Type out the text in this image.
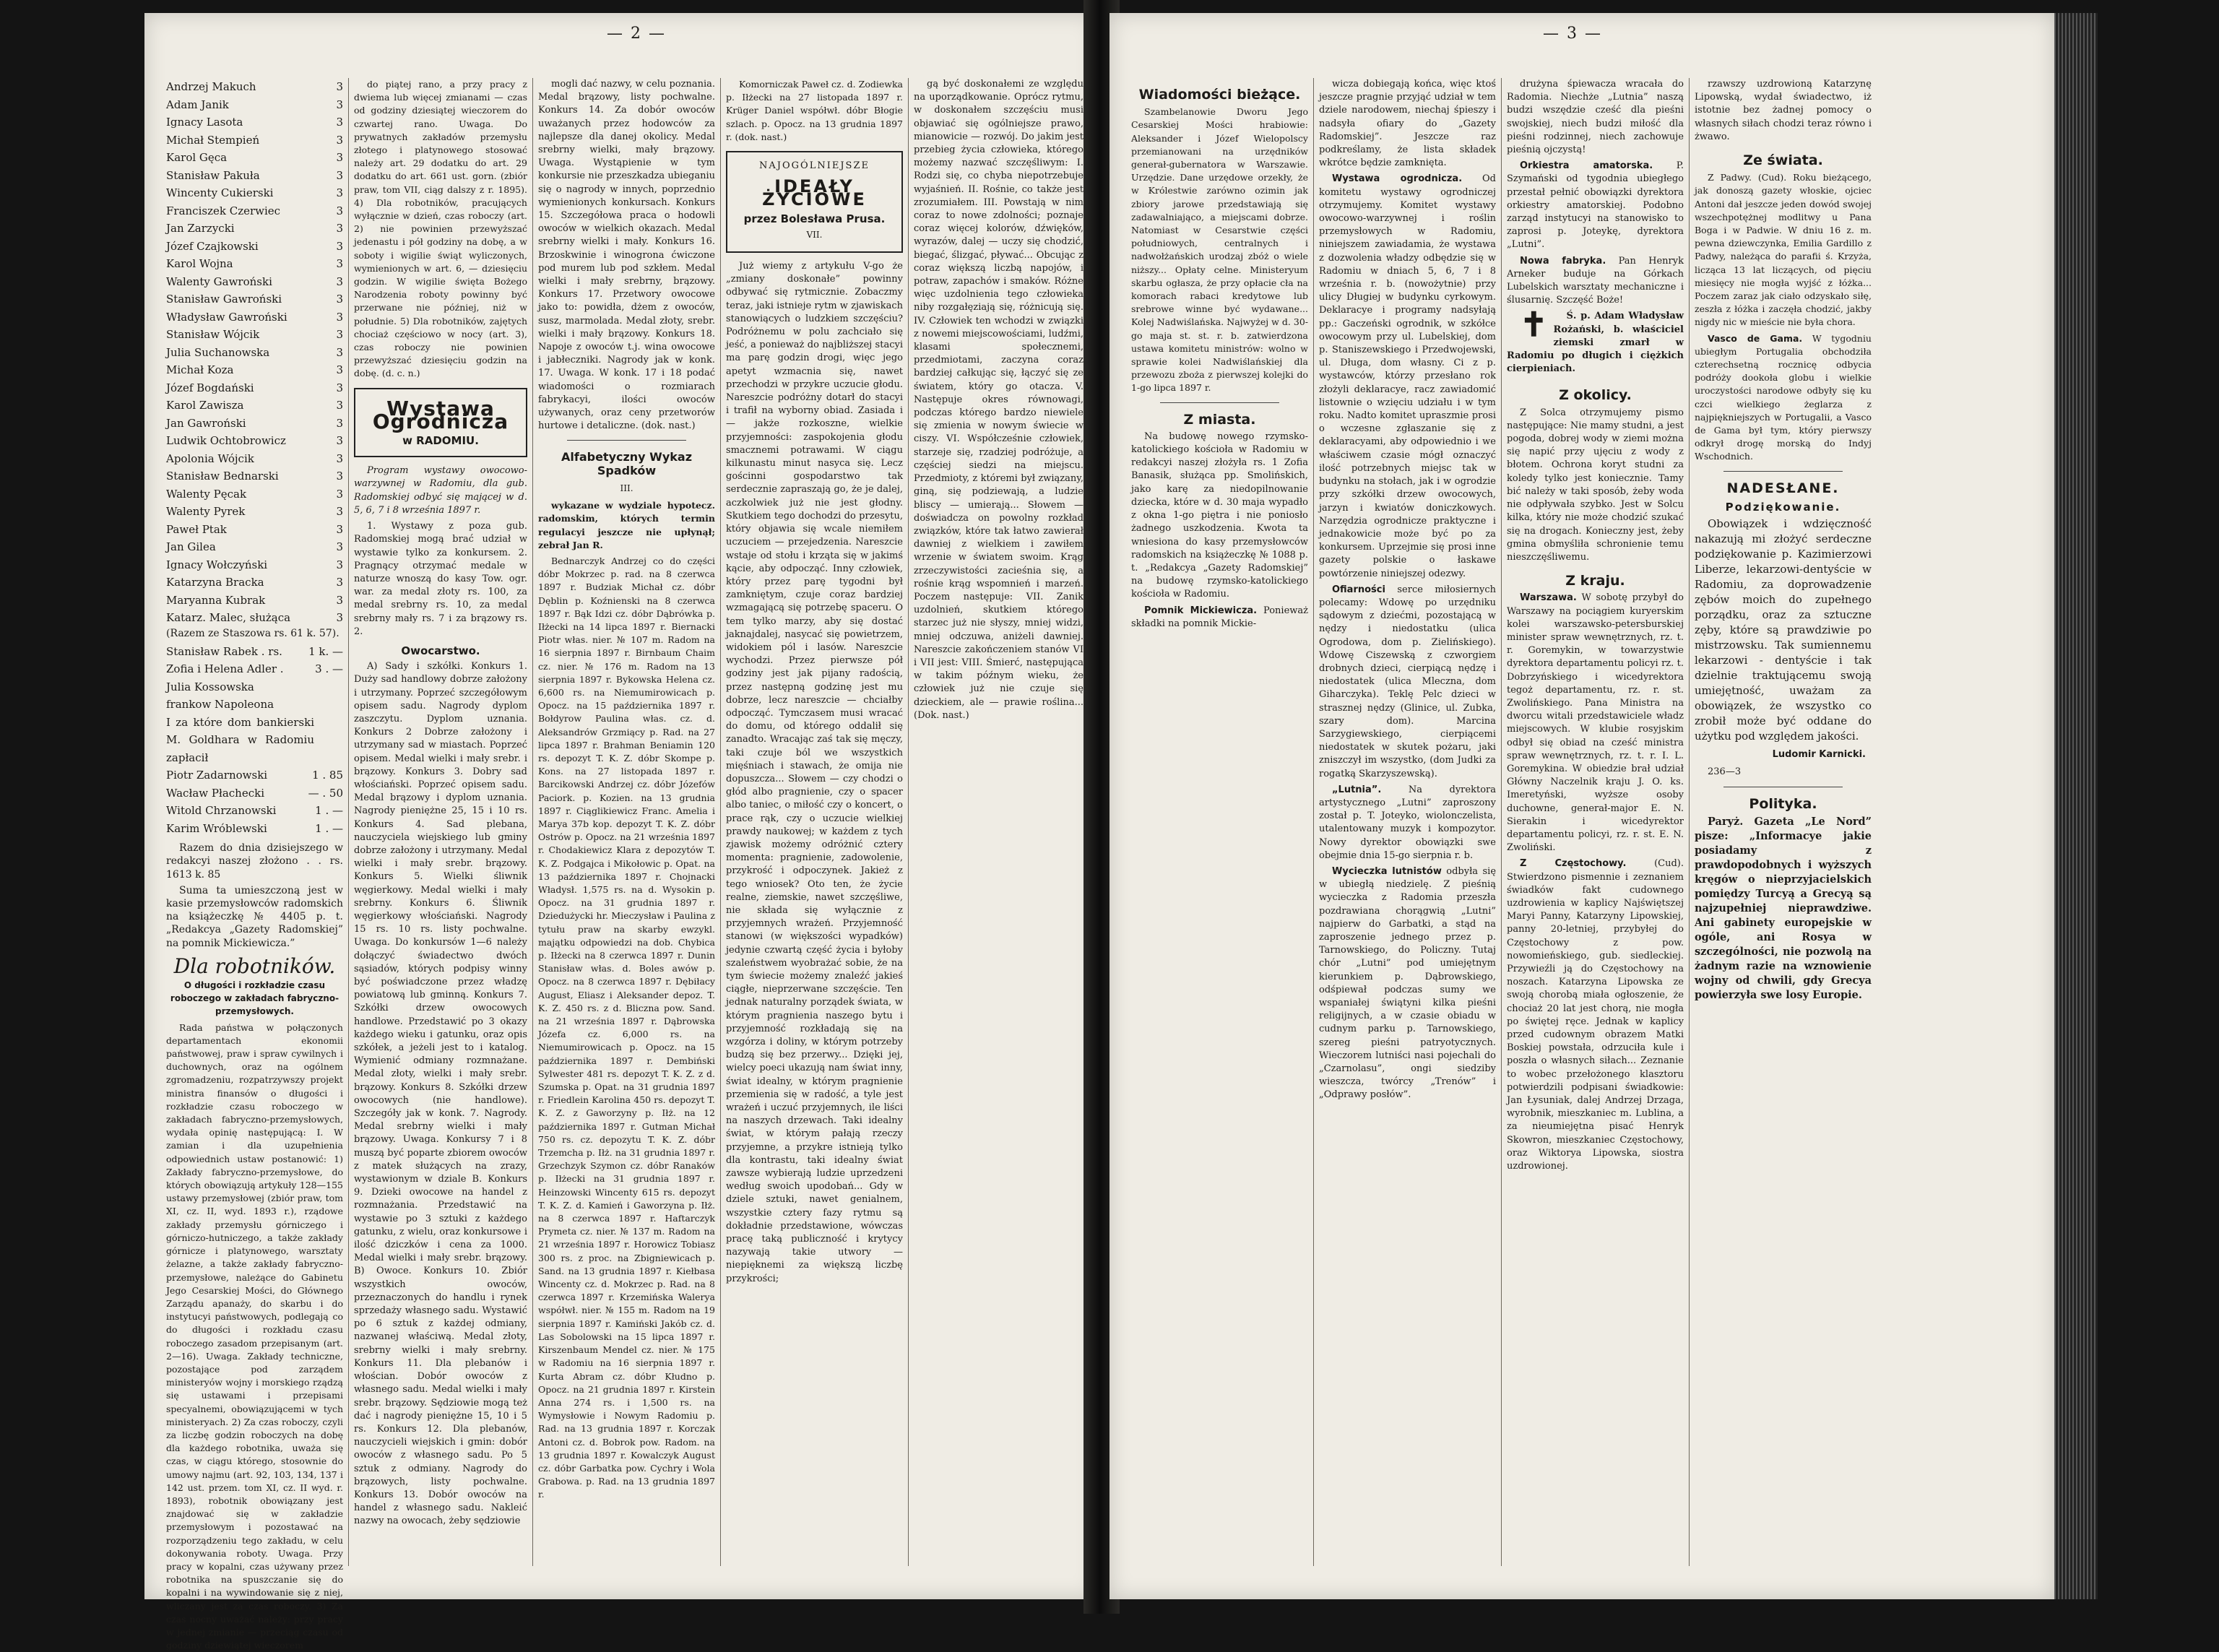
— 2 —
Andrzej Makuch	3
Adam Janik	3
Ignacy Lasota	3
Michał Stempień	3
Karol Gęca	3
Stanisław Pakuła	3
Wincenty Cukierski	3
Franciszek Czerwiec	3
Jan Zarzycki	3
Józef Czajkowski	3
Karol Wojna	3
Walenty Gawroński	3
Stanisław Gawroński	3
Władysław Gawroński	3
Stanisław Wójcik	3
Julia Suchanowska	3
Michał Koza	3
Józef Bogdański	3
Karol Zawisza	3
Jan Gawroński	3
Ludwik Ochtobrowicz	3
Apolonia Wójcik	3
Stanisław Bednarski	3
Walenty Pęcak	3
Walenty Pyrek	3
Paweł Ptak	3
Jan Gilea	3
Ignacy Wołczyński	3
Katarzyna Bracka	3
Maryanna Kubrak	3
Katarz. Malec, służąca	3
(Razem ze Staszowa rs. 61 k. 57).
Stanisław Rabek . rs. 1 k. —
Zofia i Helena Adler .	3 . —
Julia Kossowska
frankow Napoleona
I za które dom bankierski M. Goldhara w Radomiu zapłacił
Piotr Zadarnowski	1 . 85
Wacław Płachecki	— . 50
Witold Chrzanowski	1 . —
Karim Wróblewski	1 . —
Razem do dnia dzisiejszego w redakcyi naszej złożono . . rs. 1613 k. 85
Suma ta umieszczoną jest w kasie przemysłowców radomskich na książeczkę № 4405 p. t. „Redakcya „Gazety Radomskiej” na pomnik Mickiewicza.”
Dla robotników.
O długości i rozkładzie czasu roboczego w zakładach fabryczno-przemysłowych.
Rada państwa w połączonych departamentach ekonomii państwowej, praw i spraw cywilnych i duchownych, oraz na ogólnem zgromadzeniu, rozpatrzywszy projekt ministra finansów o długości i rozkładzie czasu roboczego w zakładach fabryczno-przemysłowych, wydała opinię następującą: I. W zamian i dla uzupełnienia odpowiednich ustaw postanowić: 1) Zakłady fabryczno-przemysłowe, do których obowiązują artykuły 128—155 ustawy przemysłowej (zbiór praw, tom XI, cz. II, wyd. 1893 r.), rządowe zakłady przemysłu górniczego i górniczo-hutniczego, a także zakłady górnicze i platynowego, warsztaty żelazne, a także zakłady fabryczno-przemysłowe, należące do Gabinetu Jego Cesarskiej Mości, do Głównego Zarządu apanaży, do skarbu i do instytucyi państwowych, podlegają co do długości i rozkładu czasu roboczego zasadom przepisanym (art. 2—16). Uwaga. Zakłady techniczne, pozostające pod zarządem ministeryów wojny i morskiego rządzą się ustawami i przepisami specyalnemi, obowiązującemi w tych ministeryach. 2) Za czas roboczy, czyli za liczbę godzin roboczych na dobę dla każdego robotnika, uważa się czas, w ciągu którego, stosownie do umowy najmu (art. 92, 103, 134, 137 i 142 ust. przem. tom XI, cz. II wyd. r. 1893), robotnik obowiązany jest znajdować się w zakładzie przemysłowym i pozostawać na rozporządzeniu tego zakładu, w celu dokonywania roboty. Uwaga. Przy pracy w kopalni, czas używany przez robotnika na spuszczanie się do kopalni i na wywindowanie się z niej, wliczany jest za czas roboczy. 3) Za czas nocny uważać należy: przy pracy w jednej zmianie — przeciąg czasu od godziny dziewiątej wieczorem
do piątej rano, a przy pracy z dwiema lub więcej zmianami — czas od godziny dziesiątej wieczorem do czwartej rano. Uwaga. Do prywatnych zakładów przemysłu złotego i platynowego stosować należy art. 29 dodatku do art. 29 dodatku do art. 661 ust. gorn. (zbiór praw, tom VII, ciąg dalszy z r. 1895). 4) Dla robotników, pracujących wyłącznie w dzień, czas roboczy (art. 2) nie powinien przewyższać jedenastu i pół godziny na dobę, a w soboty i wigilie świąt wyliczonych, wymienionych w art. 6, — dziesięciu godzin. W wigilie święta Bożego Narodzenia roboty powinny być przerwane nie później, niż w południe. 5) Dla robotników, zajętych chociaż częściowo w nocy (art. 3), czas roboczy nie powinien przewyższać dziesięciu godzin na dobę. (d. c. n.)
Wystawa Ogrodnicza
w RADOMIU.
Program wystawy owocowo-warzywnej w Radomiu, dla gub. Radomskiej odbyć się mającej w d. 5, 6, 7 i 8 września 1897 r.
1. Wystawy z poza gub. Radomskiej mogą brać udział w wystawie tylko za konkursem. 2. Pragnący otrzymać medale w naturze wnoszą do kasy Tow. ogr. war. za medal złoty rs. 100, za medal srebrny rs. 10, za medal srebrny mały rs. 7 i za brązowy rs. 2.
Owocarstwo.
A) Sady i szkółki. Konkurs 1. Duży sad handlowy dobrze założony i utrzymany. Poprzeć szczegółowym opisem sadu. Nagrody dyplom zaszczytu. Dyplom uznania. Konkurs 2 Dobrze założony i utrzymany sad w miastach. Poprzeć opisem. Medal wielki i mały srebr. i brązowy. Konkurs 3. Dobry sad włościański. Poprzeć opisem sadu. Medal brązowy i dyplom uznania. Nagrody pieniężne 25, 15 i 10 rs. Konkurs 4. Sad plebana, nauczyciela wiejskiego lub gminy dobrze założony i utrzymany. Medal wielki i mały srebr. brązowy. Konkurs 5. Wielki śliwnik węgierkowy. Medal wielki i mały srebrny. Konkurs 6. Śliwnik węgierkowy włościański. Nagrody 15 rs. 10 rs. listy pochwalne. Uwaga. Do konkursów 1—6 należy dołączyć świadectwo dwóch sąsiadów, których podpisy winny być poświadczone przez władzę powiatową lub gminną. Konkurs 7. Szkółki drzew owocowych handlowe. Przedstawić po 3 okazy każdego wieku i gatunku, oraz opis szkółek, a jeżeli jest to i katalog. Wymienić odmiany rozmnażane. Medal złoty, wielki i mały srebr. brązowy. Konkurs 8. Szkółki drzew owocowych (nie handlowe). Szczegóły jak w konk. 7. Nagrody. Medal srebrny wielki i mały brązowy. Uwaga. Konkursy 7 i 8 muszą być poparte zbiorem owoców z matek służących na zrazy, wystawionym w dziale B. Konkurs 9. Dzieki owocowe na handel z rozmnażania. Przedstawić na wystawie po 3 sztuki z każdego gatunku, z wielu, oraz konkursowe i ilość dziczków i cena za 1000. Medal wielki i mały srebr. brązowy. B) Owoce. Konkurs 10. Zbiór wszystkich owoców, przeznaczonych do handlu i rynek sprzedaży własnego sadu. Wystawić po 6 sztuk z każdej odmiany, nazwanej właściwą. Medal złoty, srebrny wielki i mały srebrny. Konkurs 11. Dla plebanów i włościan. Dobór owoców z własnego sadu. Medal wielki i mały srebr. brązowy. Sędziowie mogą też dać i nagrody pieniężne 15, 10 i 5 rs. Konkurs 12. Dla plebanów, nauczycieli wiejskich i gmin: dobór owoców z własnego sadu. Po 5 sztuk z odmiany. Nagrody do brązowych, listy pochwalne. Konkurs 13. Dobór owoców na handel z własnego sadu. Nakleić nazwy na owocach, żeby sędziowie
mogli dać nazwy, w celu poznania. Medal brązowy, listy pochwalne. Konkurs 14. Za dobór owoców uważanych przez hodowców za najlepsze dla danej okolicy. Medal srebrny wielki, mały brązowy. Uwaga. Wystąpienie w tym konkursie nie przeszkadza ubieganiu się o nagrody w innych, poprzednio wymienionych konkursach. Konkurs 15. Szczegółowa praca o hodowli owoców w wielkich okazach. Medal srebrny wielki i mały. Konkurs 16. Brzoskwinie i winogrona ćwiczone pod murem lub pod szkłem. Medal wielki i mały srebrny, brązowy. Konkurs 17. Przetwory owocowe jako to: powidła, dżem z owoców, susz, marmolada. Medal złoty, srebr. wielki i mały brązowy. Konkurs 18. Napoje z owoców t.j. wina owocowe i jabłeczniki. Nagrody jak w konk. 17. Uwaga. W konk. 17 i 18 podać wiadomości o rozmiarach fabrykacyi, ilości owoców używanych, oraz ceny przetworów hurtowe i detaliczne. (dok. nast.)
Alfabetyczny Wykaz Spadków
III.
wykazane w wydziale hypotecz. radomskim, których termin regulacyi jeszcze nie upłynął; zebrał Jan R.
Bednarczyk Andrzej co do części dóbr Mokrzec p. rad. na 8 czerwca 1897 r. Budziak Michał cz. dóbr Dęblin p. Koźnienski na 8 czerwca 1897 r. Bąk Idzi cz. dóbr Dąbrówka p. Iłżecki na 14 lipca 1897 r. Biernacki Piotr włas. nier. № 107 m. Radom na 16 sierpnia 1897 r. Birnbaum Chaim cz. nier. № 176 m. Radom na 13 sierpnia 1897 r. Bykowska Helena cz. 6,600 rs. na Niemumirowicach p. Opocz. na 15 października 1897 r. Bołdyrow Paulina włas. cz. d. Aleksandrów Grzmiący p. Rad. na 27 lipca 1897 r. Brahman Beniamin 120 rs. depozyt T. K. Z. dóbr Skompe p. Kons. na 27 listopada 1897 r. Barcikowski Andrzej cz. dóbr Józefów Paciork. p. Kozien. na 13 grudnia 1897 r. Ciąglikiewicz Franc. Amelia i Marya 37b kop. depozyt T. K. Z. dóbr Ostrów p. Opocz. na 21 września 1897 r. Chodakiewicz Klara z depozytów T. K. Z. Podgajca i Mikołowic p. Opat. na 13 października 1897 r. Chojnacki Władysł. 1,575 rs. na d. Wysokin p. Opocz. na 31 grudnia 1897 r. Dziedużycki hr. Mieczysław i Paulina z tytułu praw na skarby ewzykl. majątku odpowiedzi na dob. Chybica p. Iłżecki na 8 czerwca 1897 r. Dunin Stanisław włas. d. Boles awów p. Opocz. na 8 czerwca 1897 r. Dębiłacy August, Eliasz i Aleksander depoz. T. K. Z. 450 rs. z d. Bliczna pow. Sand. na 21 września 1897 r. Dąbrowska Józefa cz. 6,000 rs. na Niemumirowicach p. Opocz. na 15 października 1897 r. Dembiński Sylwester 481 rs. depozyt T. K. Z. z d. Szumska p. Opat. na 31 grudnia 1897 r. Friedlein Karolina 450 rs. depozyt T. K. Z. z Gaworzyny p. Iłż. na 12 października 1897 r. Gutman Michał 750 rs. cz. depozytu T. K. Z. dóbr Trzemcha p. Iłż. na 31 grudnia 1897 r. Grzechzyk Szymon cz. dóbr Ranaków p. Iłżecki na 31 grudnia 1897 r. Heinzowski Wincenty 615 rs. depozyt T. K. Z. d. Kamień i Gaworzyna p. Iłż. na 8 czerwca 1897 r. Haftarczyk Prymeta cz. nier. № 137 m. Radom na 21 września 1897 r. Horowicz Tobiasz 300 rs. z proc. na Zbigniewicach p. Sand. na 13 grudnia 1897 r. Kiełbasa Wincenty cz. d. Mokrzec p. Rad. na 8 czerwca 1897 r. Krzemińska Walerya współwł. nier. № 155 m. Radom na 19 sierpnia 1897 r. Kamiński Jakób cz. d. Las Sobolowski na 15 lipca 1897 r. Kirszenbaum Mendel cz. nier. № 175 w Radomiu na 16 sierpnia 1897 r. Kurta Abram cz. dóbr Kłudno p. Opocz. na 21 grudnia 1897 r. Kirstein Anna 274 rs. i 1,500 rs. na Wymysłowie i Nowym Radomiu p. Rad. na 13 grudnia 1897 r. Korczak Antoni cz. d. Bobrok pow. Radom. na 13 grudnia 1897 r. Kowalczyk August cz. dóbr Garbatka pow. Cychry i Wola Grabowa. p. Rad. na 13 grudnia 1897 r.
Komorniczak Paweł cz. d. Zodiewka p. Iłżecki na 27 listopada 1897 r. Krüger Daniel współwł. dóbr Błogie szlach. p. Opocz. na 13 grudnia 1897 r. (dok. nast.)
NAJOGÓLNIEJSZE
IDEAŁY ŻYCIOWE
przez Bolesława Prusa.
VII.
Już wiemy z artykułu V-go że „zmiany doskonałe” powinny odbywać się rytmicznie. Zobaczmy teraz, jaki istnieje rytm w zjawiskach stanowiących o ludzkiem szczęściu? Podróżnemu w polu zachciało się jeść, a ponieważ do najbliższej stacyi ma parę godzin drogi, więc jego apetyt wzmacnia się, nawet przechodzi w przykre uczucie głodu. Nareszcie podróżny dotarł do stacyi i trafił na wyborny obiad. Zasiada i — jakże rozkoszne, wielkie przyjemności: zaspokojenia głodu smacznemi potrawami. W ciągu kilkunastu minut nasyca się. Lecz gościnni gospodarstwo tak serdecznie zapraszają go, że je dalej, aczkolwiek już nie jest głodny. Skutkiem tego dochodzi do przesytu, który objawia się wcale niemiłem uczuciem — przejedzenia. Nareszcie wstaje od stołu i krząta się w jakimś kącie, aby odpocząć. Inny człowiek, który przez parę tygodni był zamkniętym, czuje coraz bardziej wzmagającą się potrzebę spaceru. O tem tylko marzy, aby się dostać jaknajdalej, nasycać się powietrzem, widokiem pól i lasów. Nareszcie wychodzi. Przez pierwsze pół godziny jest jak pijany radością, przez następną godzinę jest mu dobrze, lecz nareszcie — chciałby odpocząć. Tymczasem musi wracać do domu, od którego oddalił się zanadto. Wracając zaś tak się męczy, taki czuje ból we wszystkich mięśniach i stawach, że omija nie dopuszcza... Słowem — czy chodzi o głód albo pragnienie, czy o spacer albo taniec, o miłość czy o koncert, o prace rąk, czy o uczucie wielkiej prawdy naukowej; w każdem z tych zjawisk możemy odróżnić cztery momenta: pragnienie, zadowolenie, przykrość i odpoczynek. Jakież z tego wniosek? Oto ten, że życie realne, ziemskie, nawet szczęśliwe, nie składa się wyłącznie z przyjemnych wrażeń. Przyjemność stanowi (w większości wypadków) jedynie czwartą część życia i byłoby szaleństwem wyobrażać sobie, że na tym świecie możemy znaleźć jakieś ciągłe, nieprzerwane szczęście. Ten jednak naturalny porządek świata, w którym pragnienia naszego bytu i przyjemność rozkładają się na wzgórza i doliny, w którym potrzeby budzą się bez przerwy... Dzięki jej, wielcy poeci ukazują nam świat inny, świat idealny, w którym pragnienie przemienia się w radość, a tyle jest wrażeń i uczuć przyjemnych, ile liści na naszych drzewach. Taki idealny świat, w którym pałają rzeczy przyjemne, a przykre istnieją tylko dla kontrastu, taki idealny świat zawsze wybierają ludzie uprzedzeni według swoich upodobań... Gdy w dziele sztuki, nawet genialnem, wszystkie cztery fazy rytmu są dokładnie przedstawione, wówczas pracę taką publiczność i krytycy nazywają takie utwory — niepięknemi za większą liczbę przykrości;
gą być doskonałemi ze względu na uporządkowanie. Oprócz rytmu, w doskonałem szczęściu musi objawiać się ogólniejsze prawo, mianowicie — rozwój. Do jakim jest przebieg życia człowieka, którego możemy nazwać szczęśliwym: I. Rodzi się, co chyba niepotrzebuje wyjaśnień. II. Rośnie, co także jest zrozumiałem. III. Powstają w nim coraz to nowe zdolności; poznaje coraz więcej kolorów, dźwięków, wyrazów, dalej — uczy się chodzić, biegać, ślizgać, pływać... Obcując z coraz większą liczbą napojów, i potraw, zapachów i smaków. Różne więc uzdolnienia tego człowieka niby rozgałęziają się, różnicują się. IV. Człowiek ten wchodzi w związki z nowemi miejscowościami, ludźmi, klasami społecznemi, przedmiotami, zaczyna coraz bardziej całkując się, łączyć się ze światem, który go otacza. V. Następuje okres równowagi, podczas którego bardzo niewiele się zmienia w nowym świecie w ciszy. VI. Współcześnie człowiek, starzeje się, rzadziej podróżuje, a częściej siedzi na miejscu. Przedmioty, z któremi był związany, giną, się podziewają, a ludzie bliscy — umierają... Słowem — doświadcza on powolny rozkład związków, które tak łatwo zawierał dawniej z wielkiem i zawiłem wrzenie w światem swoim. Krąg zrzeczywistości zacieśnia się, a rośnie krąg wspomnień i marzeń. Poczem następuje: VII. Zanik uzdolnień, skutkiem którego starzec już nie słyszy, mniej widzi, mniej odczuwa, aniżeli dawniej. Nareszcie zakończeniem stanów VI i VII jest: VIII. Śmierć, następująca w takim późnym wieku, że człowiek już nie czuje się dzieckiem, ale — prawie roślina... (Dok. nast.)
— 3 —
Wiadomości bieżące.
Szambelanowie Dworu Jego Cesarskiej Mości hrabiowie: Aleksander i Józef Wielopolscy przemianowani na urzędników generał-gubernatora w Warszawie. Urzędzie. Dane urzędowe orzekły, że w Królestwie zarówno ozimin jak zbiory jarowe przedstawiają się zadawalniająco, a miejscami dobrze. Natomiast w Cesarstwie części południowych, centralnych i nadwołżańskich urodzaj zbóż o wiele niższy... Opłaty celne. Ministeryum skarbu ogłasza, że przy opłacie cła na komorach rabaci kredytowe lub srebrowe winne być wydawane... Kolej Nadwiślańska. Najwyżej w d. 30-go maja st. st. r. b. zatwierdzona ustawa komitetu ministrów: wolno w sprawie kolei Nadwiślańskiej dla przewozu zboża z pierwszej kolejki do 1-go lipca 1897 r.
Z miasta.
Na budowę nowego rzymsko-katolickiego kościoła w Radomiu w redakcyi naszej złożyła rs. 1 Zofia Banasik, służąca pp. Smolińskich, jako karę za niedopilnowanie dziecka, które w d. 30 maja wypadło z okna 1-go piętra i nie poniosło żadnego uszkodzenia. Kwota ta wniesiona do kasy przemysłowców radomskich na książeczkę № 1088 p. t. „Redakcya „Gazety Radomskiej” na budowę rzymsko-katolickiego kościoła w Radomiu.
Pomnik Mickiewicza. Ponieważ składki na pomnik Mickie-
wicza dobiegają końca, więc ktoś jeszcze pragnie przyjąć udział w tem dziele narodowem, niechaj śpieszy i nadsyła ofiary do „Gazety Radomskiej”. Jeszcze raz podkreślamy, że lista składek wkrótce będzie zamknięta.
Wystawa ogrodnicza. Od komitetu wystawy ogrodniczej otrzymujemy. Komitet wystawy owocowo-warzywnej i roślin przemysłowych w Radomiu, niniejszem zawiadamia, że wystawa z dozwolenia władzy odbędzie się w Radomiu w dniach 5, 6, 7 i 8 września r. b. (nowożytnie) przy ulicy Długiej w budynku cyrkowym. Deklaracye i programy nadsyłają pp.: Gaczeński ogrodnik, w szkółce owocowym przy ul. Lubelskiej, dom p. Staniszewskiego i Przedwojewski, ul. Długa, dom własny. Ci z p. wystawców, którzy przesłano rok złożyli deklaracye, racz zawiadomić listownie o wzięciu udziału i w tym roku. Nadto komitet upraszmie prosi o wczesne zgłaszanie się z deklaracyami, aby odpowiednio i we właściwem czasie mógł oznaczyć ilość potrzebnych miejsc tak w budynku na stołach, jak i w ogrodzie przy szkółki drzew owocowych, jarzyn i kwiatów doniczkowych. Narzędzia ogrodnicze praktyczne i jednakowicie może być po za konkursem. Uprzejmie się prosi inne gazety polskie o łaskawe powtórzenie niniejszej odezwy.
Ofiarności serce miłosiernych polecamy: Wdowę po urzędniku sądowym z dziećmi, pozostającą w nędzy i niedostatku (ulica Ogrodowa, dom p. Zielińskiego). Wdowę Ciszewską z czworgiem drobnych dzieci, cierpiącą nędzę i niedostatek (ulica Mleczna, dom Giharczyka). Teklę Pelc dzieci w strasznej nędzy (Glinice, ul. Zubka, szary dom). Marcina Sarzygiewskiego, cierpiącemi niedostatek w skutek pożaru, jaki zniszczył im wszystko, (dom Judki za rogatką Skarzyszewską).
„Lutnia”.	Na dyrektora artystycznego „Lutni” zaproszony został p. T. Joteyko, wiolonczelista, utalentowany muzyk i kompozytor. Nowy dyrektor obowiązki swe obejmie dnia 15-go sierpnia r. b.
Wycieczka lutnistów odbyła się w ubiegłą niedzielę. Z pieśnią wycieczka z Radomia przeszła pozdrawiana chorągwią „Lutni” najpierw do Garbatki, a stąd na zaproszenie jednego przez p. Tarnowskiego, do Policzny. Tutaj chór „Lutni” pod umiejętnym kierunkiem p. Dąbrowskiego, odśpiewał podczas sumy we wspaniałej świątyni kilka pieśni religijnych, a w czasie obiadu w cudnym parku p. Tarnowskiego, szereg pieśni patryotycznych. Wieczorem lutniści nasi pojechali do „Czarnolasu”, ongi siedziby wieszcza, twórcy „Trenów” i „Odprawy posłów”.
drużyna śpiewacza wracała do Radomia. Niechże „Lutnia” naszą budzi wszędzie cześć dla pieśni swojskiej, niech budzi miłość dla pieśni rodzinnej, niech zachowuje pieśnią ojczystą!
Orkiestra amatorska.	P. Szymański od tygodnia ubiegłego przestał pełnić obowiązki dyrektora orkiestry amatorskiej. Podobno zarząd instytucyi na stanowisko to zaprosi p. Joteykę, dyrektora „Lutni”.
Nowa fabryka. Pan Henryk Arneker buduje na Górkach Lubelskich warsztaty mechaniczne i ślusarnię. Szczęść Boże!
✝ Ś. p. Adam Władysław Rożański, b. właściciel ziemski zmarł w Radomiu po długich i ciężkich cierpieniach.
Z okolicy.
Z Solca otrzymujemy pismo następujące: Nie mamy studni, a jest pogoda, dobrej wody w ziemi można się napić przy ujęciu z wody z błotem. Ochrona koryt studni za koledy tylko jest koniecznie. Tamy bić należy w taki sposób, żeby woda nie odpływała szybko. Jest w Solcu kilka, który nie może chodzić szukać się na drogach. Konieczny jest, żeby gmina obmyśliła schronienie temu nieszczęśliwemu.
Z kraju.
Warszawa. W sobotę przybył do Warszawy na pociągiem kuryerskim kolei warszawsko-petersburskiej minister spraw wewnętrznych, rz. t. r. Goremykin, w towarzystwie dyrektora departamentu policyi rz. t. Dobrzyńskiego i wicedyrektora tegoż departamentu, rz. r. st. Zwolińskiego. Pana Ministra na dworcu witali przedstawiciele władz miejscowych. W klubie rosyjskim odbył się obiad na cześć ministra spraw wewnętrznych, rz. t. r. I. L. Goremykina. W obiedzie brał udział Główny Naczelnik kraju J. O. ks. Imeretyński, wyższe osoby duchowne, generał-major E. N. Sierakin i wicedyrektor departamentu policyi, rz. r. st. E. N. Zwoliński.
Z Częstochowy.	(Cud). Stwierdzono pismennie i zeznaniem świadków fakt cudownego uzdrowienia w kaplicy Najświętszej Maryi Panny, Katarzyny Lipowskiej, panny 20-letniej, przybyłej do Częstochowy z pow. nowomieńskiego, gub. siedleckiej. Przywieźli ją do Częstochowy na noszach. Katarzyna Lipowska ze swoją chorobą miała ogłoszenie, że chociaż 20 lat jest chorą, nie mogła po świętej ręce. Jednak w kaplicy przed cudownym obrazem Matki Boskiej powstała, odrzuciła kule i poszła o własnych siłach... Zeznanie to wobec przełożonego klasztoru potwierdzili podpisani świadkowie: Jan Łysuniak, dalej Andrzej Drzaga, wyrobnik, mieszkaniec m. Lublina, a za nieumiejętna pisać Henryk Skowron, mieszkaniec Częstochowy, oraz Wiktorya Lipowska, siostra uzdrowionej.
rzawszy uzdrowioną Katarzynę Lipowską, wydał świadectwo, iż istotnie bez żadnej pomocy o własnych siłach chodzi teraz równo i żwawo.
Ze świata.
Z Padwy. (Cud). Roku bieżącego, jak donoszą gazety włoskie, ojciec Antoni dał jeszcze jeden dowód swojej wszechpotężnej modlitwy u Pana Boga i w Padwie. W dniu 16 z. m. pewna dziewczynka, Emilia Gardillo z Padwy, należąca do parafii ś. Krzyża, licząca 13 lat liczących, od pięciu miesięcy nie mogła wyjść z łóżka... Poczem zaraz jak ciało odzyskało siłę, zeszła z łóżka i zaczęła chodzić, jakby nigdy nic w mieście nie była chora.
Vasco de Gama. W tygodniu ubiegłym Portugalia obchodziła czterechsetną rocznicę odbycia podróży dookoła globu i wielkie uroczystości narodowe odbyły się ku czci wielkiego żeglarza z najpiękniejszych w Portugalii, a Vasco de Gama był tym, który pierwszy odkrył drogę morską do Indyj Wschodnich.
NADESŁANE.
Podziękowanie.
Obowiązek i wdzięczność nakazują mi złożyć serdeczne podziękowanie p. Kazimierzowi Liberze, lekarzowi-dentyście w Radomiu, za doprowadzenie zębów moich do zupełnego porządku, oraz za sztuczne zęby, które są prawdziwie po mistrzowsku. Tak sumiennemu lekarzowi - dentyście i tak dzielnie traktującemu swoją umiejętność, uważam za obowiązek, że wszystko co zrobił może być oddane do użytku pod względem jakości.
Ludomir Karnicki.
236—3
Polityka.
Paryż. Gazeta „Le Nord” pisze: „Informacye jakie posiadamy z prawdopodobnych i wyższych kręgów o nieprzyjacielskich pomiędzy Turcyą a Grecyą są najzupełniej nieprawdziwe. Ani gabinety europejskie w ogóle, ani Rosya w szczególności, nie pozwolą na żadnym razie na wznowienie wojny od chwili, gdy Grecya powierzyła swe losy Europie.
